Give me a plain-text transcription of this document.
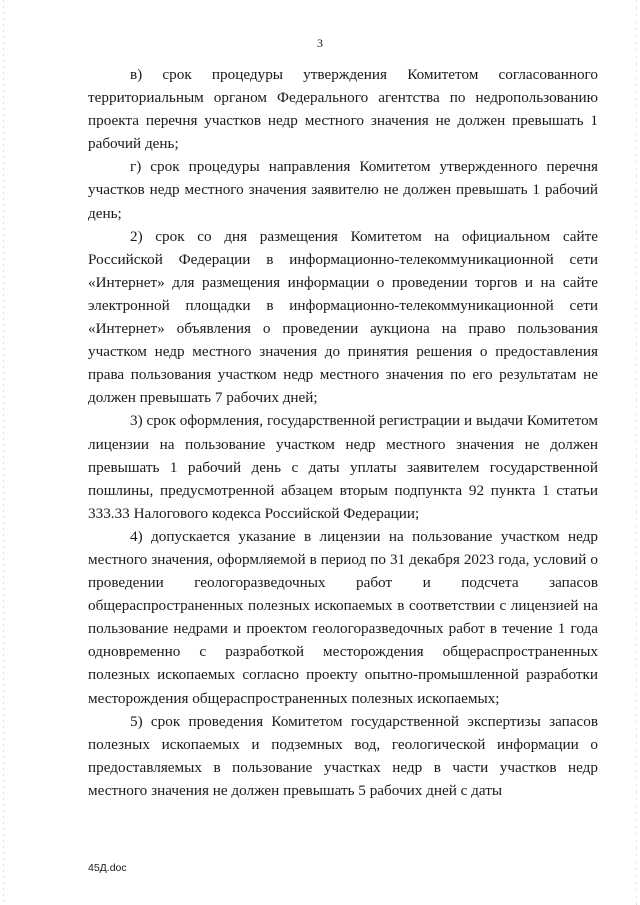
3

в) срок процедуры утверждения Комитетом согласованного территориальным органом Федерального агентства по недропользованию проекта перечня участков недр местного значения не должен превышать 1 рабочий день;

г) срок процедуры направления Комитетом утвержденного перечня участков недр местного значения заявителю не должен превышать 1 рабочий день;

2) срок со дня размещения Комитетом на официальном сайте Российской Федерации в информационно-телекоммуникационной сети «Интернет» для размещения информации о проведении торгов и на сайте электронной площадки в информационно-телекоммуникационной сети «Интернет» объявления о проведении аукциона на право пользования участком недр местного значения до принятия решения о предоставления права пользования участком недр местного значения по его результатам не должен превышать 7 рабочих дней;

3) срок оформления, государственной регистрации и выдачи Комитетом лицензии на пользование участком недр местного значения не должен превышать 1 рабочий день с даты уплаты заявителем государственной пошлины, предусмотренной абзацем вторым подпункта 92 пункта 1 статьи 333.33 Налогового кодекса Российской Федерации;

4) допускается указание в лицензии на пользование участком недр местного значения, оформляемой в период по 31 декабря 2023 года, условий о проведении геологоразведочных работ и подсчета запасов общераспространенных полезных ископаемых в соответствии с лицензией на пользование недрами и проектом геологоразведочных работ в течение 1 года одновременно с разработкой месторождения общераспространенных полезных ископаемых согласно проекту опытно-промышленной разработки месторождения общераспространенных полезных ископаемых;

5) срок проведения Комитетом государственной экспертизы запасов полезных ископаемых и подземных вод, геологической информации о предоставляемых в пользование участках недр в части участков недр местного значения не должен превышать 5 рабочих дней с даты

45Д.doc
